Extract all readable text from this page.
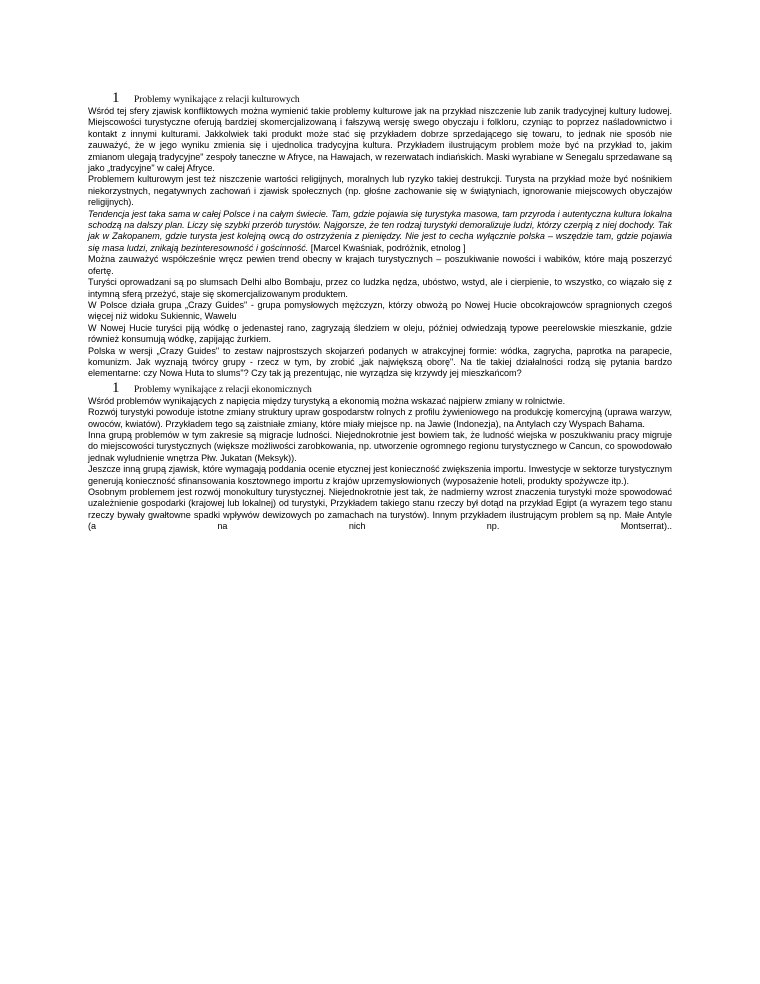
1	Problemy wynikające z relacji kulturowych

Wśród tej sfery zjawisk konfliktowych można wymienić takie problemy kulturowe jak na przykład niszczenie lub zanik tradycyjnej kultury ludowej. Miejscowości turystyczne oferują bardziej skomercjalizowaną i fałszywą wersję swego obyczaju i folkloru, czyniąc to poprzez naśladownictwo i kontakt z innymi kulturami. Jakkolwiek taki produkt może stać się przykładem dobrze sprzedającego się towaru, to jednak nie sposób nie zauważyć, że w jego wyniku zmienia się i ujednolica tradycyjna kultura. Przykładem ilustrującym problem może być na przykład to, jakim zmianom ulegają tradycyjne" zespoły taneczne w Afryce, na Hawajach, w rezerwatach indiańskich. Maski wyrabiane w Senegalu sprzedawane są jako „tradycyjne" w całej Afryce.

Problemem kulturowym jest też niszczenie wartości religijnych, moralnych lub ryzyko takiej destrukcji. Turysta na przykład może być nośnikiem niekorzystnych, negatywnych zachowań i zjawisk społecznych (np. głośne zachowanie się w świątyniach, ignorowanie miejscowych obyczajów religijnych).

Tendencja jest taka sama w całej Polsce i na całym świecie. Tam, gdzie pojawia się turystyka masowa, tam przyroda i autentyczna kultura lokalna schodzą na dalszy plan. Liczy się szybki przerób turystów. Najgorsze, że ten rodzaj turystyki demoralizuje ludzi, którzy czerpią z niej dochody. Tak jak w Zakopanem, gdzie turysta jest kolejną owcą do ostrzyżenia z pieniędzy. Nie jest to cecha wyłącznie polska – wszędzie tam, gdzie pojawia się masa ludzi, znikają bezinteresowność i gościnność. [Marcel Kwaśniak, podróżnik, etnolog ]

Można zauważyć współcześnie wręcz pewien trend obecny w krajach turystycznych – poszukiwanie nowości i wabików, które mają poszerzyć ofertę.

Turyści oprowadzani są po slumsach Delhi albo Bombaju, przez co ludzka nędza, ubóstwo, wstyd, ale i cierpienie, to wszystko, co wiązało się z intymną sferą przeżyć, staje się skomercjalizowanym produktem.

W Polsce działa grupa „Crazy Guides" - grupa pomysłowych mężczyzn, którzy obwożą po Nowej Hucie obcokrajowców spragnionych czegoś więcej niż widoku Sukiennic, Wawelu

W Nowej Hucie turyści piją wódkę o jedenastej rano, zagryzają śledziem w oleju, później odwiedzają typowe peerelowskie mieszkanie, gdzie również konsumują wódkę, zapijając żurkiem.

Polska w wersji „Crazy Guides" to zestaw najprostszych skojarzeń podanych w atrakcyjnej formie: wódka, zagrycha, paprotka na parapecie, komunizm. Jak wyznają twórcy grupy - rzecz w tym, by zrobić „jak największą oborę". Na tle takiej działalności rodzą się pytania bardzo elementarne: czy Nowa Huta to slums"? Czy tak ją prezentując, nie wyrządza się krzywdy jej mieszkańcom?

1	Problemy wynikające z relacji ekonomicznych

Wśród problemów wynikających z napięcia między turystyką a ekonomią można wskazać najpierw zmiany w rolnictwie.

Rozwój turystyki powoduje istotne zmiany struktury upraw gospodarstw rolnych z profilu żywieniowego na produkcję komercyjną (uprawa warzyw, owoców, kwiatów). Przykładem tego są zaistniałe zmiany, które miały miejsce np. na Jawie (Indonezja), na Antylach czy Wyspach Bahama.

Inna grupą problemów w tym zakresie są migracje ludności. Niejednokrotnie jest bowiem tak, że ludność wiejska w poszukiwaniu pracy migruje do miejscowości turystycznych (większe możliwości zarobkowania, np. utworzenie ogromnego regionu turystycznego w Cancun, co spowodowało jednak wyludnienie wnętrza Płw. Jukatan (Meksyk)).

Jeszcze inną grupą zjawisk, które wymagają poddania ocenie etycznej jest konieczność zwiększenia importu. Inwestycje w sektorze turystycznym generują konieczność sfinansowania kosztownego importu z krajów uprzemysłowionych (wyposażenie hoteli, produkty spożywcze itp.).

Osobnym problemem jest rozwój monokultury turystycznej. Niejednokrotnie jest tak, że nadmierny wzrost znaczenia turystyki może spowodować uzależnienie gospodarki (krajowej lub lokalnej) od turystyki, Przykładem takiego stanu rzeczy był dotąd na przykład Egipt (a wyrazem tego stanu rzeczy bywały gwałtowne spadki wpływów dewizowych po zamachach na turystów). Innym przykładem ilustrującym problem są np. Małe Antyle (a na nich np. Montserrat)..
